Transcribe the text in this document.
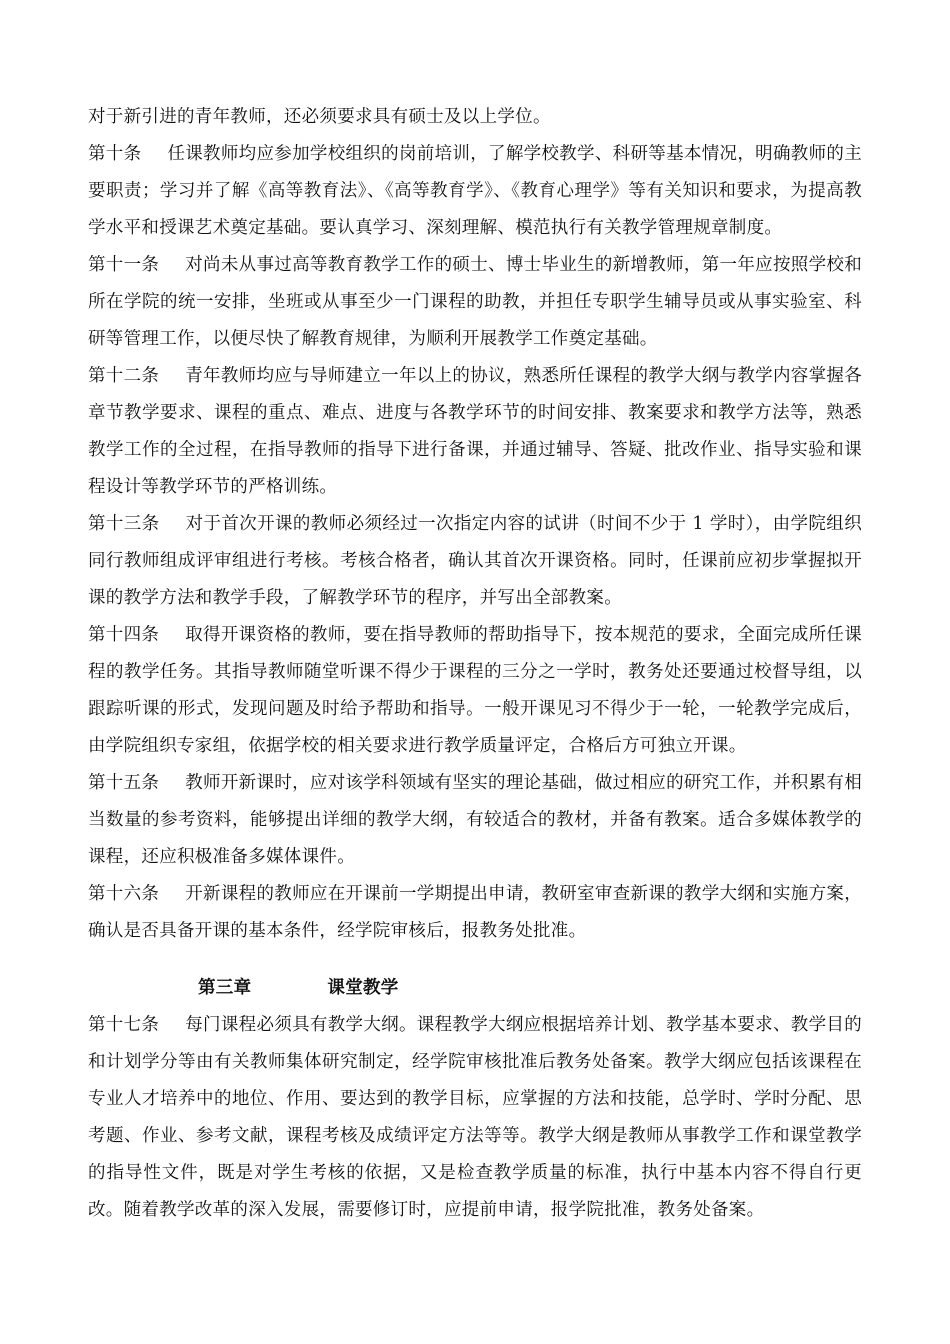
对于新引进的青年教师，还必须要求具有硕士及以上学位。

第十条 任课教师均应参加学校组织的岗前培训，了解学校教学、科研等基本情况，明确教师的主要职责；学习并了解《高等教育法》、《高等教育学》、《教育心理学》等有关知识和要求，为提高教学水平和授课艺术奠定基础。要认真学习、深刻理解、模范执行有关教学管理规章制度。

第十一条 对尚未从事过高等教育教学工作的硕士、博士毕业生的新增教师，第一年应按照学校和所在学院的统一安排，坐班或从事至少一门课程的助教，并担任专职学生辅导员或从事实验室、科研等管理工作，以便尽快了解教育规律，为顺利开展教学工作奠定基础。

第十二条 青年教师均应与导师建立一年以上的协议，熟悉所任课程的教学大纲与教学内容掌握各章节教学要求、课程的重点、难点、进度与各教学环节的时间安排、教案要求和教学方法等，熟悉教学工作的全过程，在指导教师的指导下进行备课，并通过辅导、答疑、批改作业、指导实验和课程设计等教学环节的严格训练。

第十三条 对于首次开课的教师必须经过一次指定内容的试讲（时间不少于 1 学时），由学院组织同行教师组成评审组进行考核。考核合格者，确认其首次开课资格。同时，任课前应初步掌握拟开课的教学方法和教学手段，了解教学环节的程序，并写出全部教案。

第十四条 取得开课资格的教师，要在指导教师的帮助指导下，按本规范的要求，全面完成所任课程的教学任务。其指导教师随堂听课不得少于课程的三分之一学时，教务处还要通过校督导组，以跟踪听课的形式，发现问题及时给予帮助和指导。一般开课见习不得少于一轮，一轮教学完成后，由学院组织专家组，依据学校的相关要求进行教学质量评定，合格后方可独立开课。

第十五条 教师开新课时，应对该学科领域有坚实的理论基础，做过相应的研究工作，并积累有相当数量的参考资料，能够提出详细的教学大纲，有较适合的教材，并备有教案。适合多媒体教学的课程，还应积极准备多媒体课件。

第十六条 开新课程的教师应在开课前一学期提出申请，教研室审查新课的教学大纲和实施方案，确认是否具备开课的基本条件，经学院审核后，报教务处批准。

第三章	课堂教学

第十七条 每门课程必须具有教学大纲。课程教学大纲应根据培养计划、教学基本要求、教学目的和计划学分等由有关教师集体研究制定，经学院审核批准后教务处备案。教学大纲应包括该课程在专业人才培养中的地位、作用、要达到的教学目标，应掌握的方法和技能，总学时、学时分配、思考题、作业、参考文献，课程考核及成绩评定方法等等。教学大纲是教师从事教学工作和课堂教学的指导性文件，既是对学生考核的依据，又是检查教学质量的标准，执行中基本内容不得自行更改。随着教学改革的深入发展，需要修订时，应提前申请，报学院批准，教务处备案。
